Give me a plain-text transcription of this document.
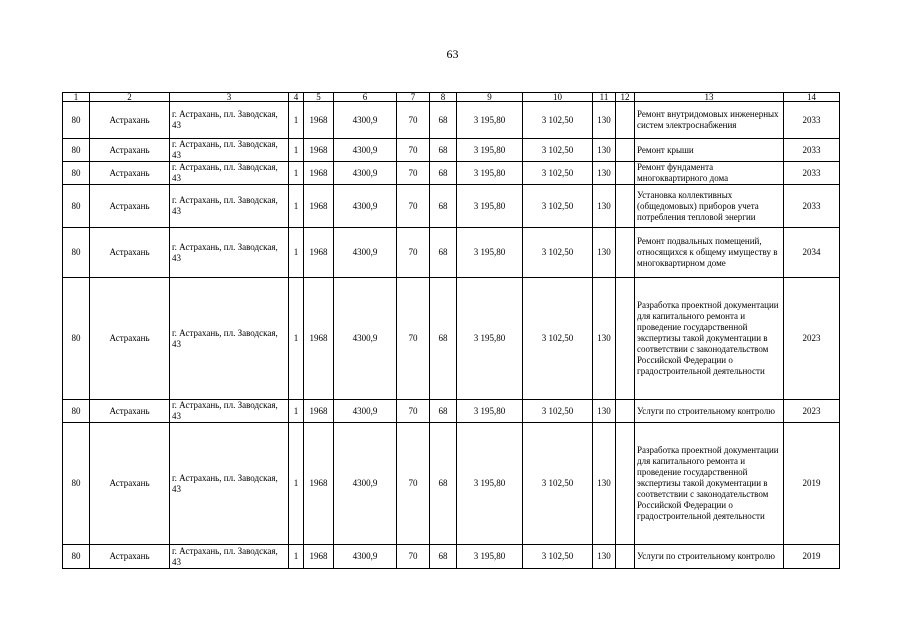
63
1	2	3	4	5	6	7	8	9	10	11	12	13	14
80	Астрахань	г. Астрахань, пл. Заводская, 43	1	1968	4300,9	70	68	3 195,80	3 102,50	130		Ремонт внутридомовых инженерных систем электроснабжения	2033
80	Астрахань	г. Астрахань, пл. Заводская, 43	1	1968	4300,9	70	68	3 195,80	3 102,50	130		Ремонт крыши	2033
80	Астрахань	г. Астрахань, пл. Заводская, 43	1	1968	4300,9	70	68	3 195,80	3 102,50	130		Ремонт фундамента многоквартирного дома	2033
80	Астрахань	г. Астрахань, пл. Заводская, 43	1	1968	4300,9	70	68	3 195,80	3 102,50	130		Установка коллективных (общедомовых) приборов учета потребления тепловой энергии	2033
80	Астрахань	г. Астрахань, пл. Заводская, 43	1	1968	4300,9	70	68	3 195,80	3 102,50	130		Ремонт подвальных помещений, относящихся к общему имуществу в многоквартирном доме	2034
80	Астрахань	г. Астрахань, пл. Заводская, 43	1	1968	4300,9	70	68	3 195,80	3 102,50	130		Разработка проектной документации для капитального ремонта и проведение государственной экспертизы такой документации в соответствии с законодательством Российской Федерации о градостроительной деятельности	2023
80	Астрахань	г. Астрахань, пл. Заводская, 43	1	1968	4300,9	70	68	3 195,80	3 102,50	130		Услуги по строительному контролю	2023
80	Астрахань	г. Астрахань, пл. Заводская, 43	1	1968	4300,9	70	68	3 195,80	3 102,50	130		Разработка проектной документации для капитального ремонта и проведение государственной экспертизы такой документации в соответствии с законодательством Российской Федерации о градостроительной деятельности	2019
80	Астрахань	г. Астрахань, пл. Заводская, 43	1	1968	4300,9	70	68	3 195,80	3 102,50	130		Услуги по строительному контролю	2019
